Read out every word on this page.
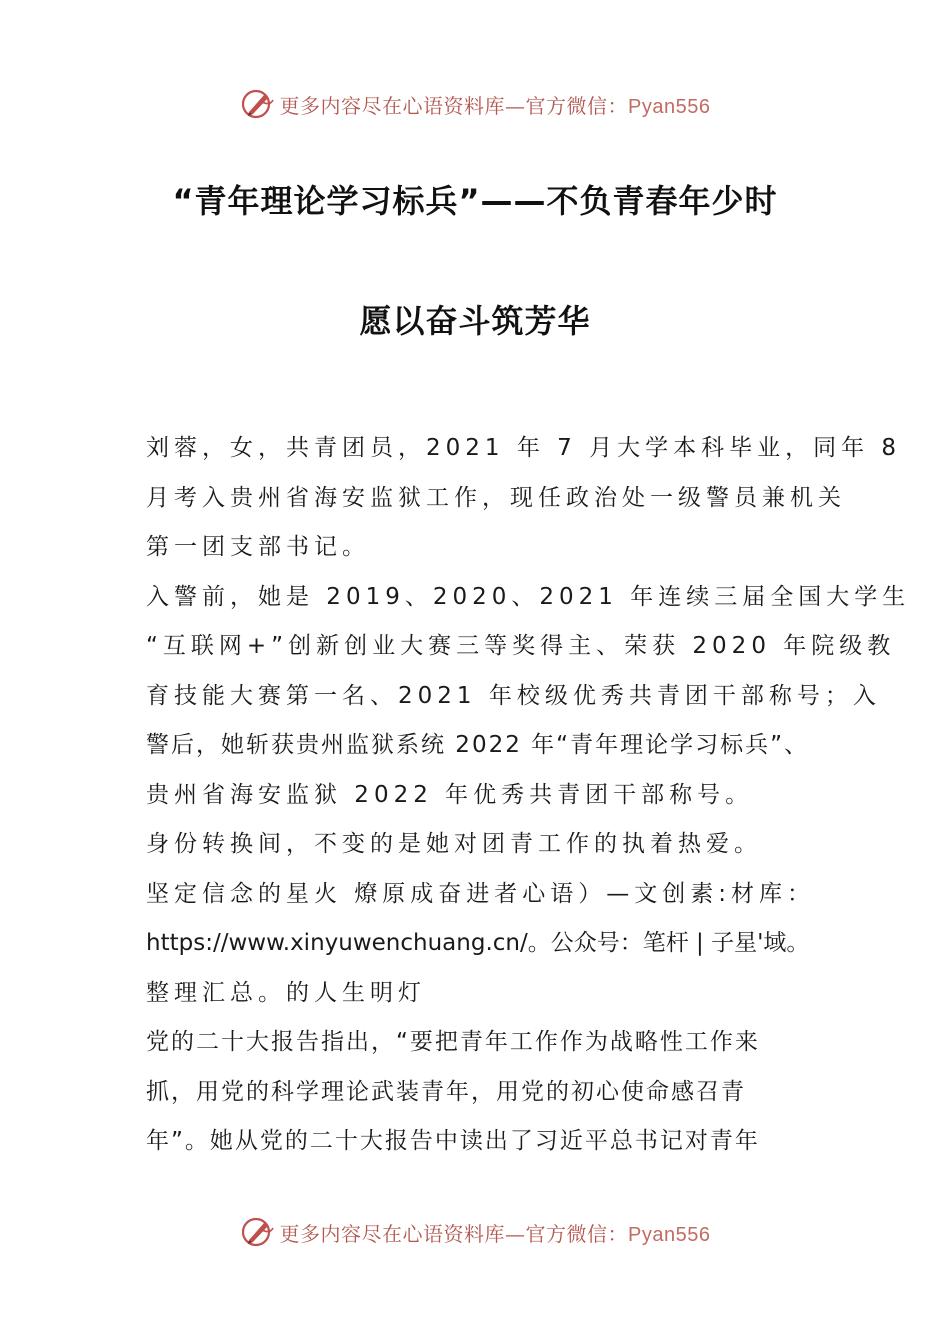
更多内容尽在心语资料库—官方微信：Pyan556
“青年理论学习标兵”——不负青春年少时
愿以奋斗筑芳华
刘蓉，女，共青团员，2021 年 7 月大学本科毕业，同年 8
月考入贵州省海安监狱工作，现任政治处一级警员兼机关
第一团支部书记。
入警前，她是 2019、2020、2021 年连续三届全国大学生
“互联网+”创新创业大赛三等奖得主、荣获 2020 年院级教
育技能大赛第一名、2021 年校级优秀共青团干部称号；入
警后，她斩获贵州监狱系统 2022 年“青年理论学习标兵”、
贵州省海安监狱 2022 年优秀共青团干部称号。
身份转换间，不变的是她对团青工作的执着热爱。
坚定信念的星火 燎原成奋进者心语）—文创素:材库：
https://www.xinyuwenchuang.cn/。公众号：笔杆 | 子星'域。
整理汇总。的人生明灯
党的二十大报告指出，“要把青年工作作为战略性工作来
抓，用党的科学理论武装青年，用党的初心使命感召青
年”。她从党的二十大报告中读出了习近平总书记对青年
更多内容尽在心语资料库—官方微信：Pyan556
